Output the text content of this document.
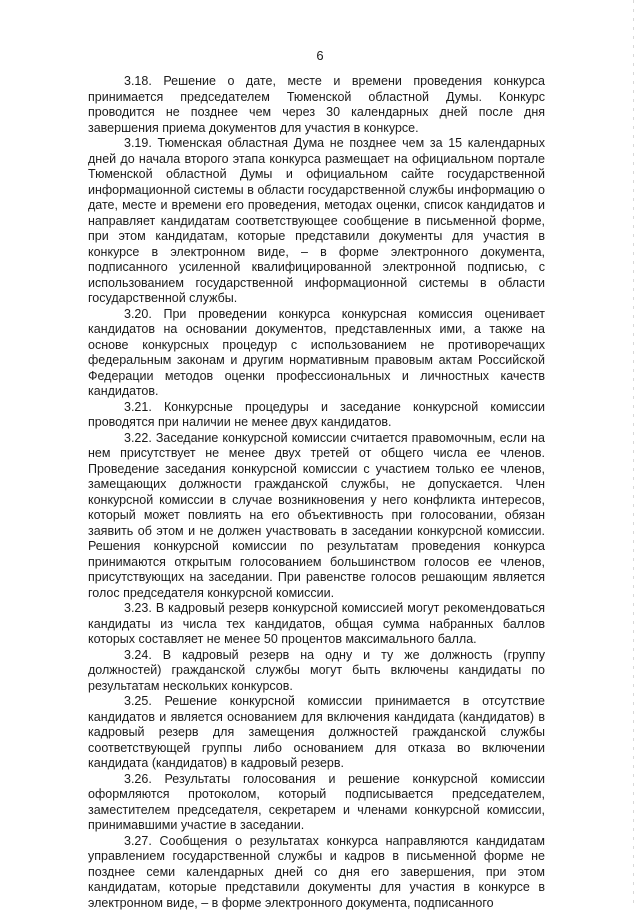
6

3.18. Решение о дате, месте и времени проведения конкурса принимается председателем Тюменской областной Думы. Конкурс проводится не позднее чем через 30 календарных дней после дня завершения приема документов для участия в конкурсе.

3.19. Тюменская областная Дума не позднее чем за 15 календарных дней до начала второго этапа конкурса размещает на официальном портале Тюменской областной Думы и официальном сайте государственной информационной системы в области государственной службы информацию о дате, месте и времени его проведения, методах оценки, список кандидатов и направляет кандидатам соответствующее сообщение в письменной форме, при этом кандидатам, которые представили документы для участия в конкурсе в электронном виде, – в форме электронного документа, подписанного усиленной квалифицированной электронной подписью, с использованием государственной информационной системы в области государственной службы.

3.20. При проведении конкурса конкурсная комиссия оценивает кандидатов на основании документов, представленных ими, а также на основе конкурсных процедур с использованием не противоречащих федеральным законам и другим нормативным правовым актам Российской Федерации методов оценки профессиональных и личностных качеств кандидатов.

3.21. Конкурсные процедуры и заседание конкурсной комиссии проводятся при наличии не менее двух кандидатов.

3.22. Заседание конкурсной комиссии считается правомочным, если на нем присутствует не менее двух третей от общего числа ее членов. Проведение заседания конкурсной комиссии с участием только ее членов, замещающих должности гражданской службы, не допускается. Член конкурсной комиссии в случае возникновения у него конфликта интересов, который может повлиять на его объективность при голосовании, обязан заявить об этом и не должен участвовать в заседании конкурсной комиссии. Решения конкурсной комиссии по результатам проведения конкурса принимаются открытым голосованием большинством голосов ее членов, присутствующих на заседании. При равенстве голосов решающим является голос председателя конкурсной комиссии.

3.23. В кадровый резерв конкурсной комиссией могут рекомендоваться кандидаты из числа тех кандидатов, общая сумма набранных баллов которых составляет не менее 50 процентов максимального балла.

3.24. В кадровый резерв на одну и ту же должность (группу должностей) гражданской службы могут быть включены кандидаты по результатам нескольких конкурсов.

3.25. Решение конкурсной комиссии принимается в отсутствие кандидатов и является основанием для включения кандидата (кандидатов) в кадровый резерв для замещения должностей гражданской службы соответствующей группы либо основанием для отказа во включении кандидата (кандидатов) в кадровый резерв.

3.26. Результаты голосования и решение конкурсной комиссии оформляются протоколом, который подписывается председателем, заместителем председателя, секретарем и членами конкурсной комиссии, принимавшими участие в заседании.

3.27. Сообщения о результатах конкурса направляются кандидатам управлением государственной службы и кадров в письменной форме не позднее семи календарных дней со дня его завершения, при этом кандидатам, которые представили документы для участия в конкурсе в электронном виде, – в форме электронного документа, подписанного
